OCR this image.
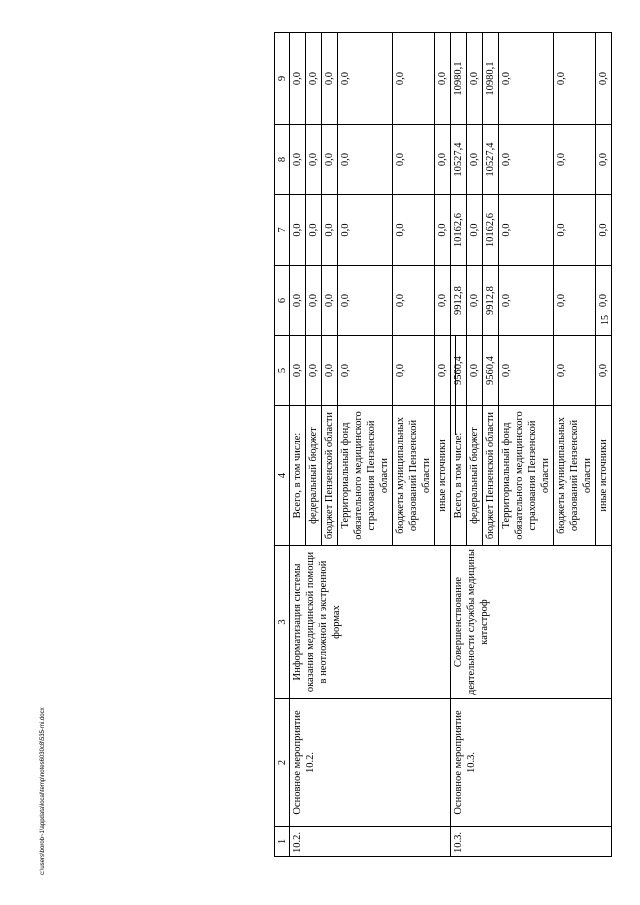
15
c:\users\borob~1\appdata\local\temp\notes6030c8\535-mi.docx	1	2	3	4	5	6	7	8	9
10.2.	Основное мероприятие 10.2.	Информатизация системы оказания медицинской помощи в неотложной и экстренной формах	Всего, в том числе:	0,0	0,0	0,0	0,0	0,0
			федеральный бюджет	0,0	0,0	0,0	0,0	0,0
			бюджет Пензенской области	0,0	0,0	0,0	0,0	0,0
			Территориальный фонд обязательного медицинского страхования Пензенской области	0,0	0,0	0,0	0,0	0,0
			бюджеты муниципальных образований Пензенской области	0,0	0,0	0,0	0,0	0,0
			иные источники	0,0	0,0	0,0	0,0	0,0
10.3.	Основное мероприятие 10.3.	Совершенствование деятельности службы медицины катастроф	Всего, в том числе:	9560,4	9912,8	10162,6	10527,4	10980,1
			федеральный бюджет	0,0	0,0	0,0	0,0	0,0
			бюджет Пензенской области	9560,4	9912,8	10162,6	10527,4	10980,1
			Территориальный фонд обязательного медицинского страхования Пензенской области	0,0	0,0	0,0	0,0	0,0
			бюджеты муниципальных образований Пензенской области	0,0	0,0	0,0	0,0	0,0
			иные источники	0,0	0,0	0,0	0,0	0,0
